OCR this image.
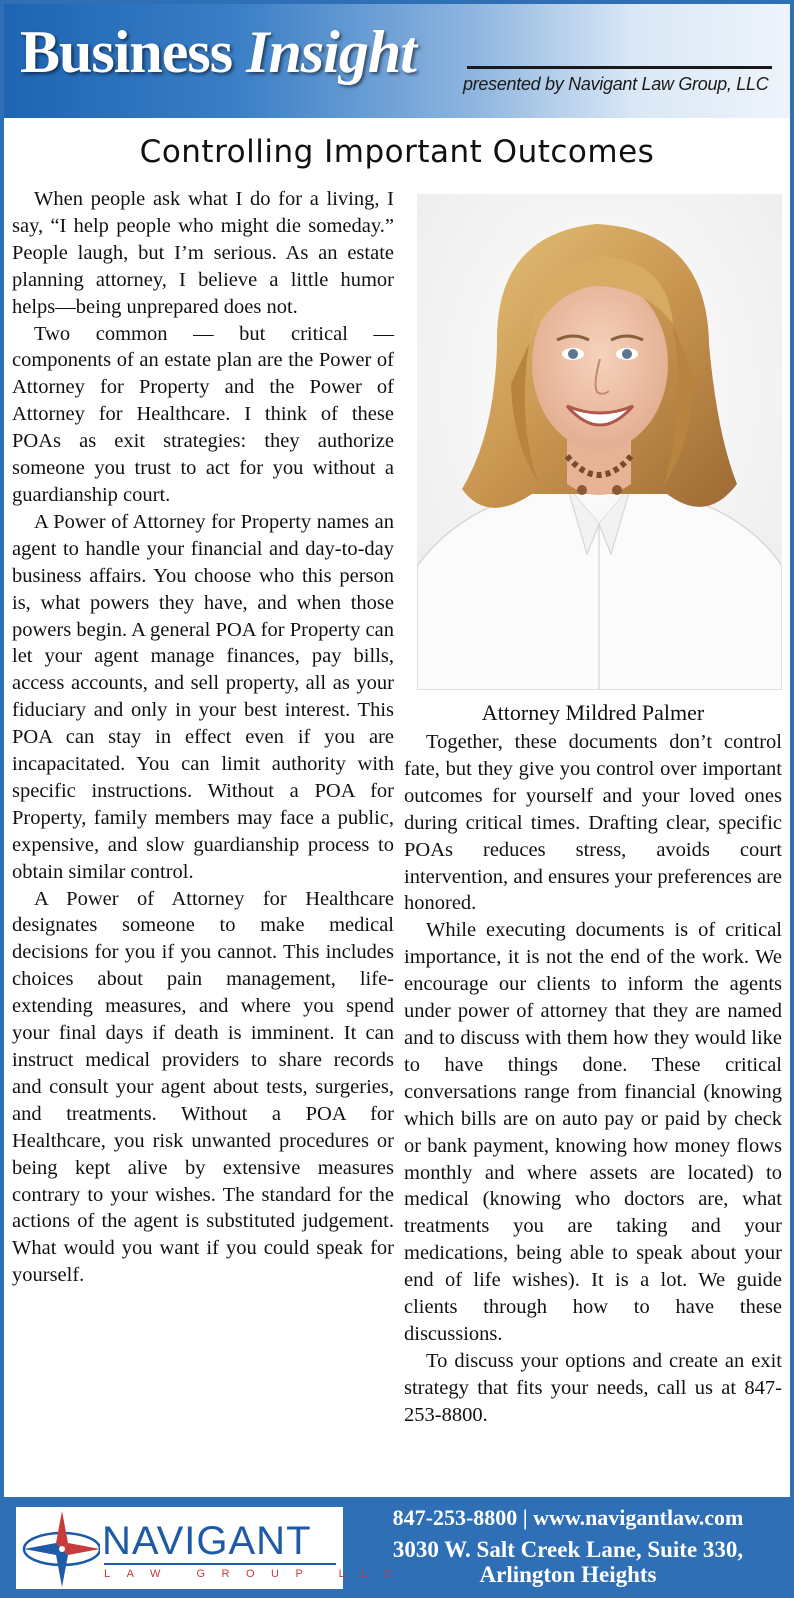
Business Insight	presented by Navigant Law Group, LLC
Controlling Important Outcomes

When people ask what I do for a living, I say, “I help people who might die someday.” People laugh, but I’m serious. As an estate planning attorney, I believe a little humor helps—being unprepared does not.

Two common — but critical — components of an estate plan are the Power of Attorney for Property and the Power of Attorney for Healthcare. I think of these POAs as exit strategies: they authorize someone you trust to act for you without a guardianship court.

A Power of Attorney for Property names an agent to handle your financial and day-to-day business affairs. You choose who this person is, what powers they have, and when those powers begin. A general POA for Property can let your agent manage finances, pay bills, access accounts, and sell property, all as your fiduciary and only in your best interest. This POA can stay in effect even if you are incapacitated. You can limit authority with specific instructions. Without a POA for Property, family members may face a public, expensive, and slow guardianship process to obtain similar control.

A Power of Attorney for Healthcare designates someone to make medical decisions for you if you cannot. This includes choices about pain management, life-extending measures, and where you spend your final days if death is imminent. It can instruct medical providers to share records and consult your agent about tests, surgeries, and treatments. Without a POA for Healthcare, you risk unwanted procedures or being kept alive by extensive measures contrary to your wishes. The standard for the actions of the agent is substituted judgement. What would you want if you could speak for yourself.

Attorney Mildred Palmer

Together, these documents don’t control fate, but they give you control over important outcomes for yourself and your loved ones during critical times. Drafting clear, specific POAs reduces stress, avoids court intervention, and ensures your preferences are honored.

While executing documents is of critical importance, it is not the end of the work. We encourage our clients to inform the agents under power of attorney that they are named and to discuss with them how they would like to have things done. These critical conversations range from financial (knowing which bills are on auto pay or paid by check or bank payment, knowing how money flows monthly and where assets are located) to medical (knowing who doctors are, what treatments you are taking and your medications, being able to speak about your end of life wishes). It is a lot. We guide clients through how to have these discussions.

To discuss your options and create an exit strategy that fits your needs, call us at 847-253-8800.

NAVIGANT
LAW GROUP LLC
847-253-8800 | www.navigantlaw.com
3030 W. Salt Creek Lane, Suite 330,
Arlington Heights
